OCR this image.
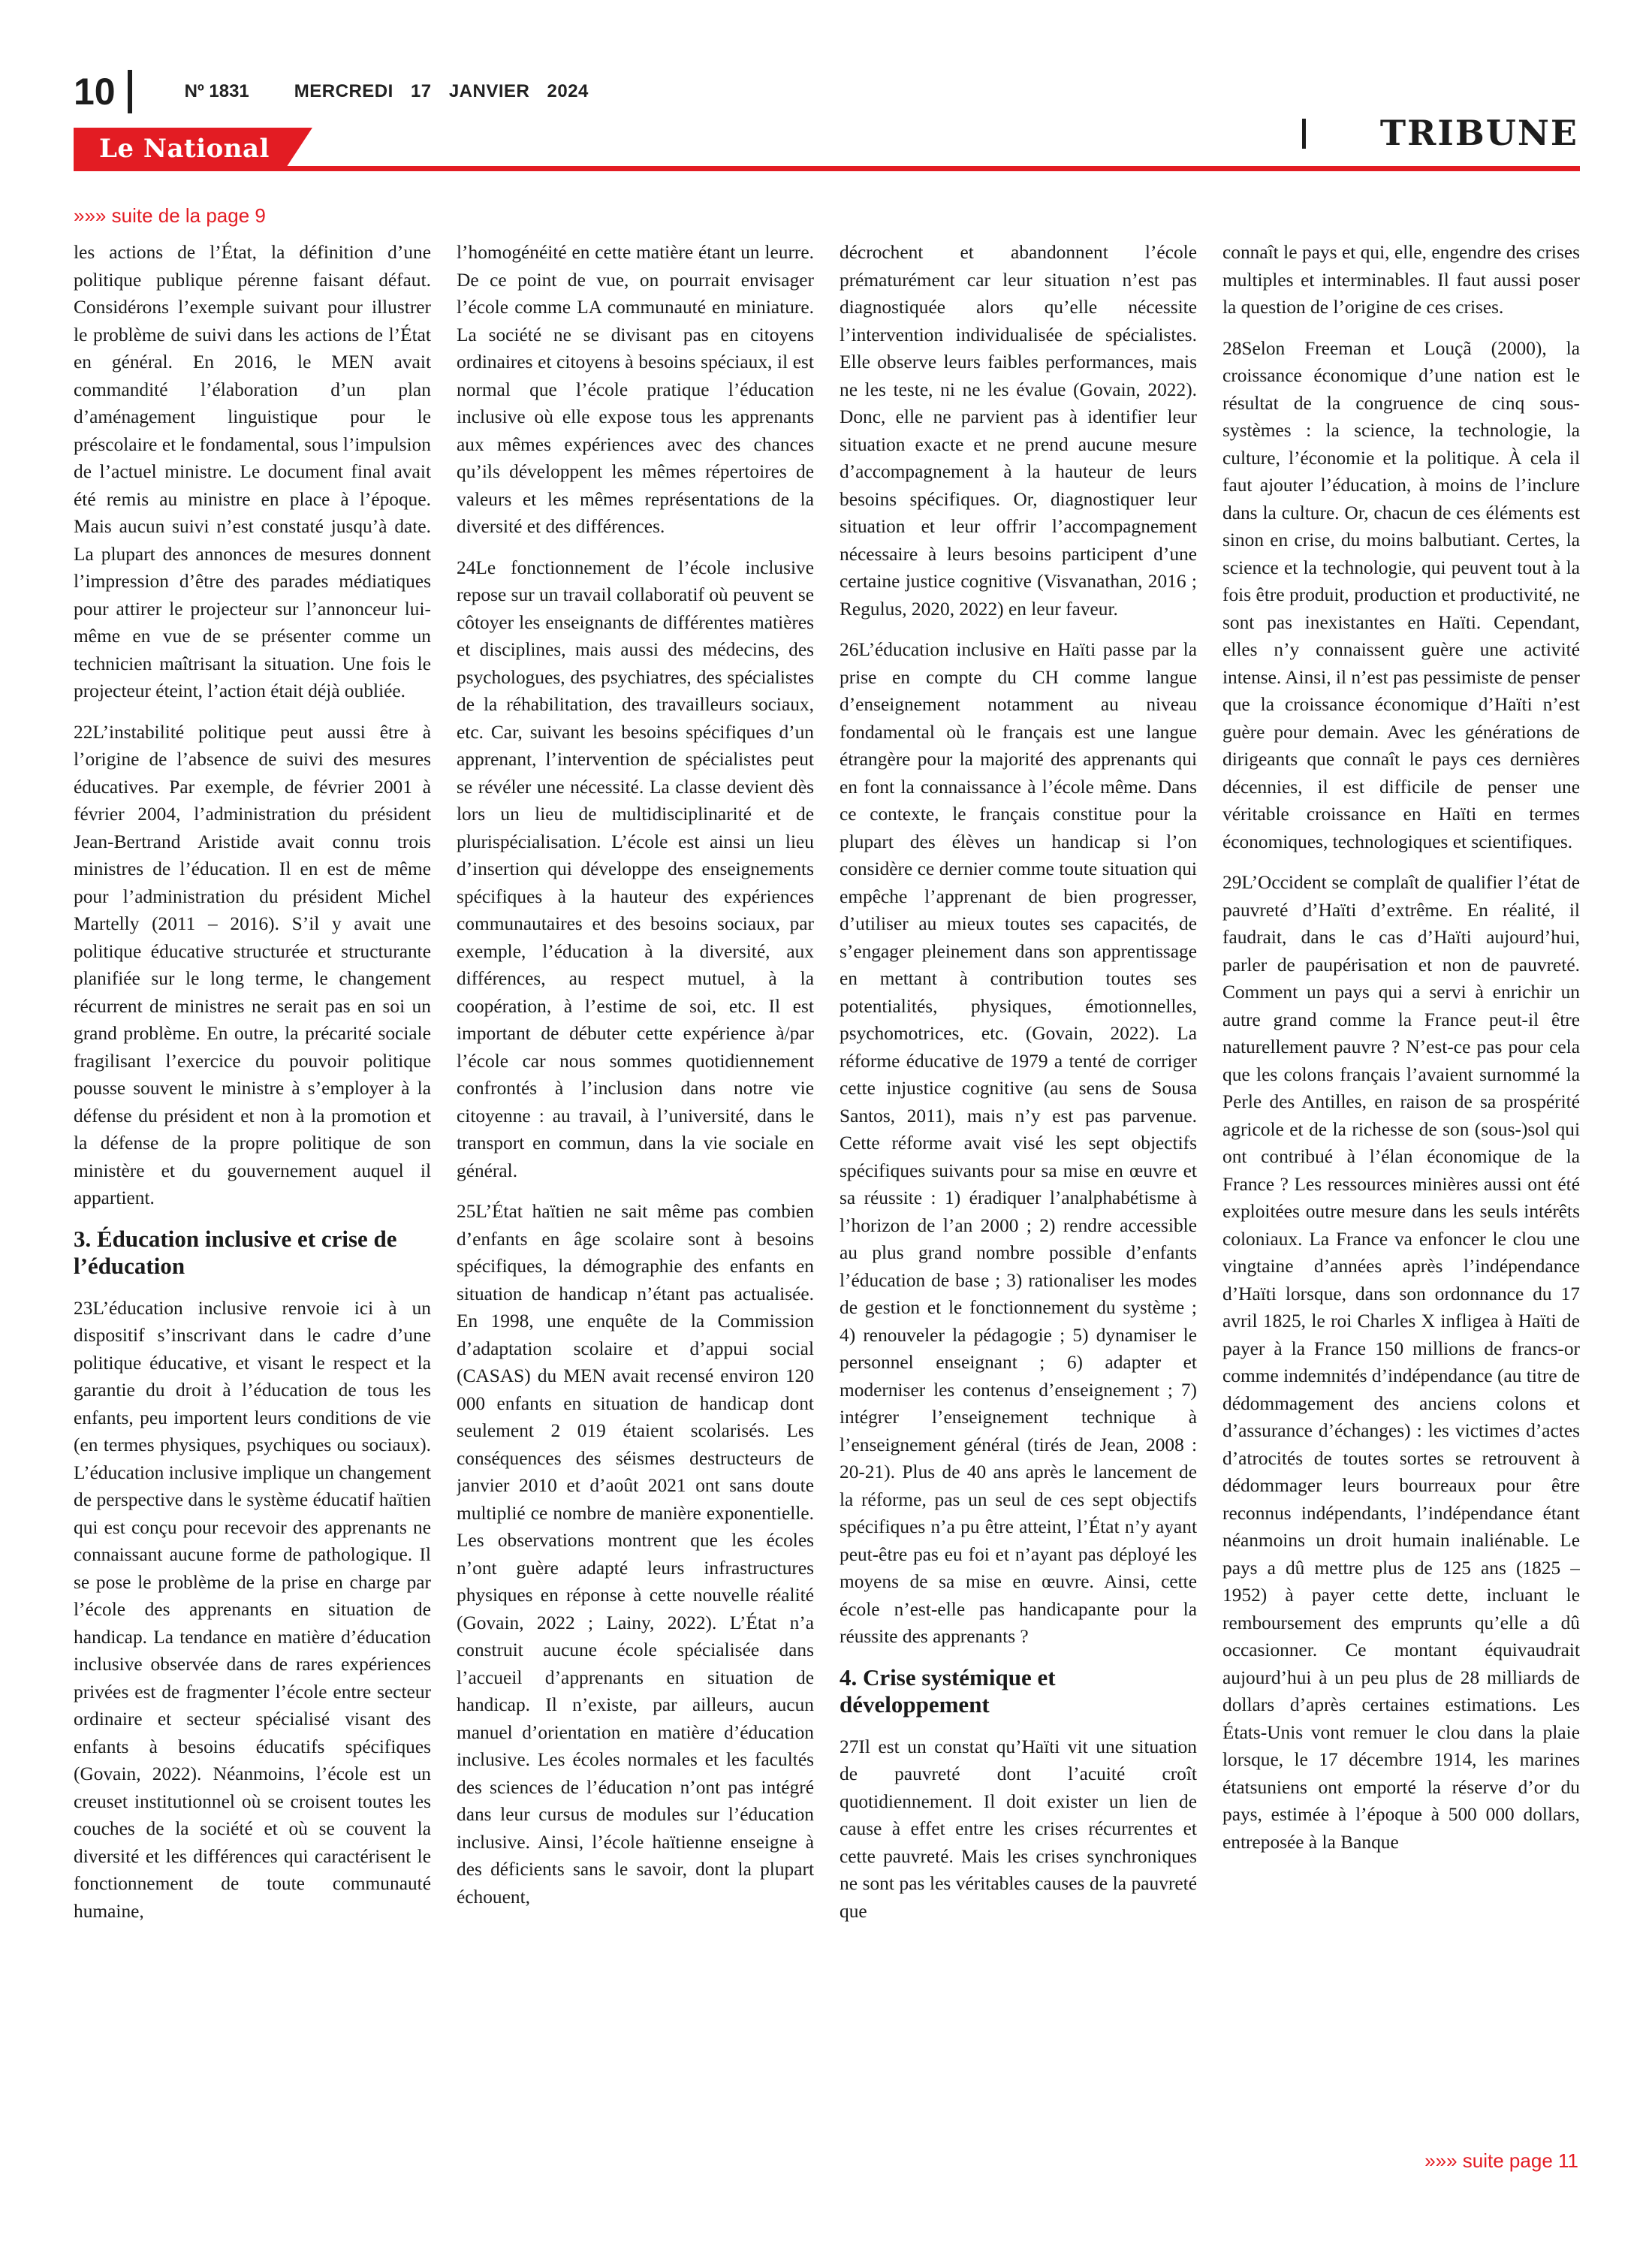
10	Nº 1831	MERCREDI 17 JANVIER 2024
Le National	TRIBUNE
»»» suite de la page 9

les actions de l’État, la définition d’une politique publique pérenne faisant défaut. Considérons l’exemple suivant pour illustrer le problème de suivi dans les actions de l’État en général. En 2016, le MEN avait commandité l’élaboration d’un plan d’aménagement linguistique pour le préscolaire et le fondamental, sous l’impulsion de l’actuel ministre. Le document final avait été remis au ministre en place à l’époque. Mais aucun suivi n’est constaté jusqu’à date. La plupart des annonces de mesures donnent l’impression d’être des parades médiatiques pour attirer le projecteur sur l’annonceur lui-même en vue de se présenter comme un technicien maîtrisant la situation. Une fois le projecteur éteint, l’action était déjà oubliée.

22L’instabilité politique peut aussi être à l’origine de l’absence de suivi des mesures éducatives. Par exemple, de février 2001 à février 2004, l’administration du président Jean-Bertrand Aristide avait connu trois ministres de l’éducation. Il en est de même pour l’administration du président Michel Martelly (2011 – 2016). S’il y avait une politique éducative structurée et structurante planifiée sur le long terme, le changement récurrent de ministres ne serait pas en soi un grand problème. En outre, la précarité sociale fragilisant l’exercice du pouvoir politique pousse souvent le ministre à s’employer à la défense du président et non à la promotion et la défense de la propre politique de son ministère et du gouvernement auquel il appartient.

3. Éducation inclusive et crise de l’éducation

23L’éducation inclusive renvoie ici à un dispositif s’inscrivant dans le cadre d’une politique éducative, et visant le respect et la garantie du droit à l’éducation de tous les enfants, peu importent leurs conditions de vie (en termes physiques, psychiques ou sociaux). L’éducation inclusive implique un changement de perspective dans le système éducatif haïtien qui est conçu pour recevoir des apprenants ne connaissant aucune forme de pathologique. Il se pose le problème de la prise en charge par l’école des apprenants en situation de handicap. La tendance en matière d’éducation inclusive observée dans de rares expériences privées est de fragmenter l’école entre secteur ordinaire et secteur spécialisé visant des enfants à besoins éducatifs spécifiques (Govain, 2022). Néanmoins, l’école est un creuset institutionnel où se croisent toutes les couches de la société et où se couvent la diversité et les différences qui caractérisent le fonctionnement de toute communauté humaine,

l’homogénéité en cette matière étant un leurre. De ce point de vue, on pourrait envisager l’école comme LA communauté en miniature. La société ne se divisant pas en citoyens ordinaires et citoyens à besoins spéciaux, il est normal que l’école pratique l’éducation inclusive où elle expose tous les apprenants aux mêmes expériences avec des chances qu’ils développent les mêmes répertoires de valeurs et les mêmes représentations de la diversité et des différences.

24Le fonctionnement de l’école inclusive repose sur un travail collaboratif où peuvent se côtoyer les enseignants de différentes matières et disciplines, mais aussi des médecins, des psychologues, des psychiatres, des spécialistes de la réhabilitation, des travailleurs sociaux, etc. Car, suivant les besoins spécifiques d’un apprenant, l’intervention de spécialistes peut se révéler une nécessité. La classe devient dès lors un lieu de multidisciplinarité et de plurispécialisation. L’école est ainsi un lieu d’insertion qui développe des enseignements spécifiques à la hauteur des expériences communautaires et des besoins sociaux, par exemple, l’éducation à la diversité, aux différences, au respect mutuel, à la coopération, à l’estime de soi, etc. Il est important de débuter cette expérience à/par l’école car nous sommes quotidiennement confrontés à l’inclusion dans notre vie citoyenne : au travail, à l’université, dans le transport en commun, dans la vie sociale en général.

25L’État haïtien ne sait même pas combien d’enfants en âge scolaire sont à besoins spécifiques, la démographie des enfants en situation de handicap n’étant pas actualisée. En 1998, une enquête de la Commission d’adaptation scolaire et d’appui social (CASAS) du MEN avait recensé environ 120 000 enfants en situation de handicap dont seulement 2 019 étaient scolarisés. Les conséquences des séismes destructeurs de janvier 2010 et d’août 2021 ont sans doute multiplié ce nombre de manière exponentielle. Les observations montrent que les écoles n’ont guère adapté leurs infrastructures physiques en réponse à cette nouvelle réalité (Govain, 2022 ; Lainy, 2022). L’État n’a construit aucune école spécialisée dans l’accueil d’apprenants en situation de handicap. Il n’existe, par ailleurs, aucun manuel d’orientation en matière d’éducation inclusive. Les écoles normales et les facultés des sciences de l’éducation n’ont pas intégré dans leur cursus de modules sur l’éducation inclusive. Ainsi, l’école haïtienne enseigne à des déficients sans le savoir, dont la plupart échouent,

décrochent et abandonnent l’école prématurément car leur situation n’est pas diagnostiquée alors qu’elle nécessite l’intervention individualisée de spécialistes. Elle observe leurs faibles performances, mais ne les teste, ni ne les évalue (Govain, 2022). Donc, elle ne parvient pas à identifier leur situation exacte et ne prend aucune mesure d’accompagnement à la hauteur de leurs besoins spécifiques. Or, diagnostiquer leur situation et leur offrir l’accompagnement nécessaire à leurs besoins participent d’une certaine justice cognitive (Visvanathan, 2016 ; Regulus, 2020, 2022) en leur faveur.

26L’éducation inclusive en Haïti passe par la prise en compte du CH comme langue d’enseignement notamment au niveau fondamental où le français est une langue étrangère pour la majorité des apprenants qui en font la connaissance à l’école même. Dans ce contexte, le français constitue pour la plupart des élèves un handicap si l’on considère ce dernier comme toute situation qui empêche l’apprenant de bien progresser, d’utiliser au mieux toutes ses capacités, de s’engager pleinement dans son apprentissage en mettant à contribution toutes ses potentialités, physiques, émotionnelles, psychomotrices, etc. (Govain, 2022). La réforme éducative de 1979 a tenté de corriger cette injustice cognitive (au sens de Sousa Santos, 2011), mais n’y est pas parvenue. Cette réforme avait visé les sept objectifs spécifiques suivants pour sa mise en œuvre et sa réussite : 1) éradiquer l’analphabétisme à l’horizon de l’an 2000 ; 2) rendre accessible au plus grand nombre possible d’enfants l’éducation de base ; 3) rationaliser les modes de gestion et le fonctionnement du système ; 4) renouveler la pédagogie ; 5) dynamiser le personnel enseignant ; 6) adapter et moderniser les contenus d’enseignement ; 7) intégrer l’enseignement technique à l’enseignement général (tirés de Jean, 2008 : 20-21). Plus de 40 ans après le lancement de la réforme, pas un seul de ces sept objectifs spécifiques n’a pu être atteint, l’État n’y ayant peut-être pas eu foi et n’ayant pas déployé les moyens de sa mise en œuvre. Ainsi, cette école n’est-elle pas handicapante pour la réussite des apprenants ?

4. Crise systémique et développement

27Il est un constat qu’Haïti vit une situation de pauvreté dont l’acuité croît quotidiennement. Il doit exister un lien de cause à effet entre les crises récurrentes et cette pauvreté. Mais les crises synchroniques ne sont pas les véritables causes de la pauvreté que

connaît le pays et qui, elle, engendre des crises multiples et interminables. Il faut aussi poser la question de l’origine de ces crises.

28Selon Freeman et Louçã (2000), la croissance économique d’une nation est le résultat de la congruence de cinq sous-systèmes : la science, la technologie, la culture, l’économie et la politique. À cela il faut ajouter l’éducation, à moins de l’inclure dans la culture. Or, chacun de ces éléments est sinon en crise, du moins balbutiant. Certes, la science et la technologie, qui peuvent tout à la fois être produit, production et productivité, ne sont pas inexistantes en Haïti. Cependant, elles n’y connaissent guère une activité intense. Ainsi, il n’est pas pessimiste de penser que la croissance économique d’Haïti n’est guère pour demain. Avec les générations de dirigeants que connaît le pays ces dernières décennies, il est difficile de penser une véritable croissance en Haïti en termes économiques, technologiques et scientifiques.

29L’Occident se complaît de qualifier l’état de pauvreté d’Haïti d’extrême. En réalité, il faudrait, dans le cas d’Haïti aujourd’hui, parler de paupérisation et non de pauvreté. Comment un pays qui a servi à enrichir un autre grand comme la France peut-il être naturellement pauvre ? N’est-ce pas pour cela que les colons français l’avaient surnommé la Perle des Antilles, en raison de sa prospérité agricole et de la richesse de son (sous-)sol qui ont contribué à l’élan économique de la France ? Les ressources minières aussi ont été exploitées outre mesure dans les seuls intérêts coloniaux. La France va enfoncer le clou une vingtaine d’années après l’indépendance d’Haïti lorsque, dans son ordonnance du 17 avril 1825, le roi Charles X infligea à Haïti de payer à la France 150 millions de francs-or comme indemnités d’indépendance (au titre de dédommagement des anciens colons et d’assurance d’échanges) : les victimes d’actes d’atrocités de toutes sortes se retrouvent à dédommager leurs bourreaux pour être reconnus indépendants, l’indépendance étant néanmoins un droit humain inaliénable. Le pays a dû mettre plus de 125 ans (1825 – 1952) à payer cette dette, incluant le remboursement des emprunts qu’elle a dû occasionner. Ce montant équivaudrait aujourd’hui à un peu plus de 28 milliards de dollars d’après certaines estimations. Les États-Unis vont remuer le clou dans la plaie lorsque, le 17 décembre 1914, les marines étatsuniens ont emporté la réserve d’or du pays, estimée à l’époque à 500 000 dollars, entreposée à la Banque

»»» suite page 11
